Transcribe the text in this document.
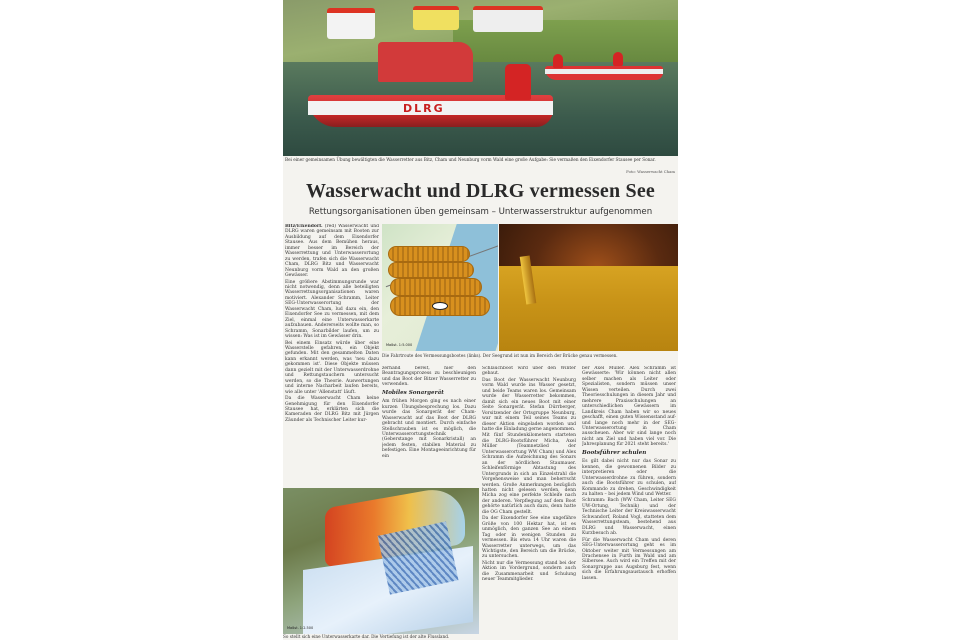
DLRG
Bei einer gemeinsamen Übung bewältigten die Wasserretter aus Bitz, Cham und Neunburg vorm Wald eine große Aufgabe: Sie vermaßen den Eixendorfer Stausee per Sonar.
Foto: Wasserwacht Cham
Wasserwacht und DLRG vermessen See
Rettungsorganisationen üben gemeinsam – Unterwasserstruktur aufgenommen

Bitz/Eixendorf. (red) Wasserwacht und DLRG waren gemeinsam mit Booten zur Ausbildung auf dem Eixendorfer Stausee. Aus dem Bemühen heraus, immer besser im Bereich der Wasserrettung und Unterwasserortung zu werden, trafen sich die Wasserwacht Cham, DLRG Bitz und Wasserwacht Neunburg vorm Wald an den großen Gewässer.

Eine größere Abstimmungsrunde war nicht notwendig, denn alle beteiligten Wasserrettungsorganisationen waren motiviert. Alexander Schramm, Leiter SEG-Unterwasserortung der Wasserwacht Cham, lud dazu ein, den Eixendorfer See zu vermessen, mit dem Ziel, einmal eine Unterwasserkarte aufzubauen. Andererseits wollte man, so Schramm, Sonarbilder laufen, um zu wissen: Was ist im Gewässer drin.

Bei einem Einsatz würde über eine Wasserstelle gefahren, ein Objekt gefunden. Mit den gesammelten Daten kann erkannt werden, was 'neu dazu gekommen ist'. Diese Objekte müssen dann gezielt mit der Unterwasserdrohne und Rettungstauchern untersucht werden, so die Theorie. Auswertungen und interne Nacharbeit laufen bereits, wie alle unter 'Allenstatt' läuft.

Da die Wasserwacht Cham keine Genehmigung für den Eixendorfer Stausee hat, erklärten sich die Kameraden der DLRG Bitz mit Jürgen Zäunder als Technischer Leiter kur-

Maßst. 1:5.000
Die Fahrtroute des Vermessungsbootes (links). Der Seegrund ist nun im Bereich der Brücke genau vermessen.

zerhand bereit, hier den Beantragungsprozess zu beschleunigen und das Boot der Bitzer Wasserretter zu verwenden.

Mobiles Sonargerät

Am frühen Morgen ging es nach einer kurzen Übungsbesprechung los. Dazu wurde das Sonargerät der Cham-Wasserwacht auf das Boot der DLRG gebracht und montiert. Durch einfache Stellschrauben ist es möglich, die Unterwasserortungstechnik (Geberstange mit Sonarkristall) an jedem festen, stabilen Material zu befestigen. Eine Montageeinrichtung für ein

Schlauchboot wird über den Winter gebaut.

Das Boot der Wasserwacht Neunburg vorm Wald wurde ins Wasser gesetzt, und beide Teams waren los. Gemeinsam wurde der Wasserretter bekommen, damit sich ein neues Boot mit einer Seite Sonargerät. Stefan Dürrberger, Vorsitzender der Ortsgruppe Neunburg, war mit einem Teil seines Teams zu dieser Aktion eingeladen worden und hatte die Einladung gerne angenommen.

Mit fünf Stundenkilometern starteten die DLRG-Bootsführer Micha, Axel Müller (Teamnetzlied der Unterwasserortung WW Cham) und Alex Schramm die Aufzeichnung des Sonars an der nördlichen Staumauer. Schleifenförmige Abtastung des Untergrunds in sich an Einzelstrahl die Vorgehensweise und man beherrscht werden. Große Anmerkungen bezüglich hatten nicht gelesen werden, denn Micha zog eine perfekte Schleife nach der anderen. Verpflegung auf dem Boot gehörte natürlich auch dazu, denn hatte die OG Cham gestellt.

Da der Eixendorfer See eine ungefähre Größe von 100 Hektar hat, ist es unmöglich, den ganzen See an einem Tag oder in wenigen Stunden zu vermessen. Bis etwa 14 Uhr waren die Wasserretter unterwegs, um das Wichtigste, den Bereich um die Brücke, zu untersuchen.

Nicht nur die Vermessung stand bei der Aktion im Vordergrund, sondern auch die Zusammenarbeit und Schulung neuer Teammitglieder.

ber Axel Müller. Alex Schramm ist Gewässerte: 'Wir können nicht allen selber machen als Leiter oder Spezialisten, sondern müssen unser Wissen verteilen. Durch zwei Theoriesschulungen in diesem Jahr und mehrere Praxisschulungen an unterschiedlichen Gewässern im Landkreis Cham haben wir so neues geschafft, einen guten Wissensstand auf- und lange noch mehr in der SEG-Unterwasserortung in Cham ausscheuen. Aber wir sind lange noch nicht am Ziel und haben viel vor. Die Jahresplanung für 2021 steht bereits.'

Bootsführer schulen

Es gilt dabei nicht nur das Sonar zu kennen, die gewonnenen Bilder zu interpretieren oder die Unterwasserdrohne zu führen, sondern auch die Bootsführer zu schulen, auf Kommando zu drehen, Geschwindigkeit zu halten – bei jedem Wind und Wetter.

Schramm: Bach (WW Cham, Leiter SEG UW-Ortung, Technik) und der Technische Leiter der Kreiswasserwacht Schwandorf, Roland Vogl, statteten dem Wasserrettungsteam, bestehend aus DLRG und Wasserwacht, einen Kurzbesuch ab.

Für die Wasserwacht Cham und deren SEG-Unterwasserortung geht es im Oktober weiter mit Vermessungen am Drachensee in Furth im Wald und am Silbersee. Auch wird ein Treffen mit der Sonargruppe aus Augsburg fest, wenn sich die Erfahrungsaustausch erhoffen lassen.

Maßst. 1:2.500
So stellt sich eine Unterwasserkarte dar. Die Vertiefung ist der alte Flussland.
